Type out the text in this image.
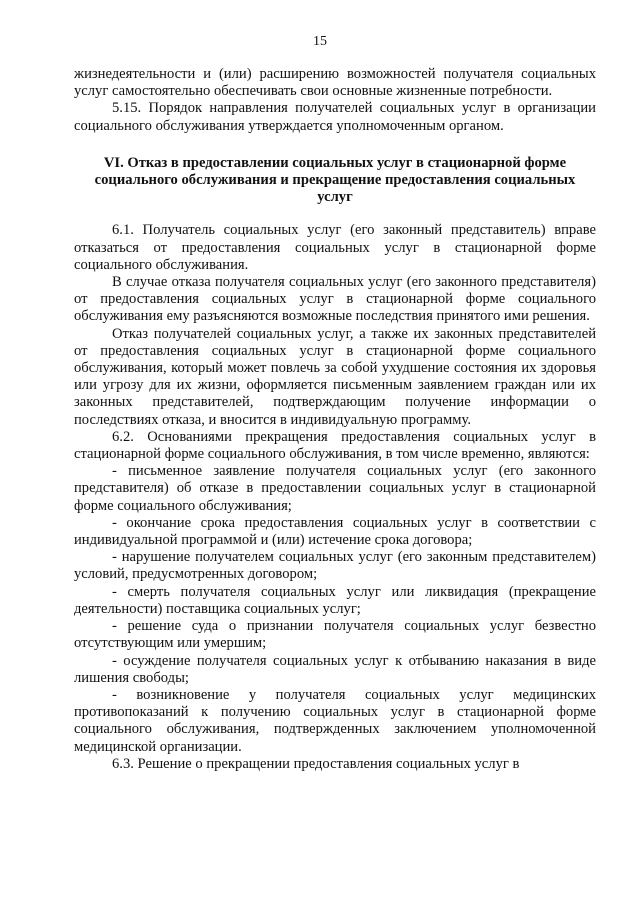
15

жизнедеятельности и (или) расширению возможностей получателя социальных услуг самостоятельно обеспечивать свои основные жизненные потребности.

5.15. Порядок направления получателей социальных услуг в организации социального обслуживания утверждается уполномоченным органом.

VI. Отказ в предоставлении социальных услуг в стационарной форме социального обслуживания и прекращение предоставления социальных услуг

6.1. Получатель социальных услуг (его законный представитель) вправе отказаться от предоставления социальных услуг в стационарной форме социального обслуживания.

В случае отказа получателя социальных услуг (его законного представителя) от предоставления социальных услуг в стационарной форме социального обслуживания ему разъясняются возможные последствия принятого ими решения.

Отказ получателей социальных услуг, а также их законных представителей от предоставления социальных услуг в стационарной форме социального обслуживания, который может повлечь за собой ухудшение состояния их здоровья или угрозу для их жизни, оформляется письменным заявлением граждан или их законных представителей, подтверждающим получение информации о последствиях отказа, и вносится в индивидуальную программу.

6.2. Основаниями прекращения предоставления социальных услуг в стационарной форме социального обслуживания, в том числе временно, являются:

- письменное заявление получателя социальных услуг (его законного представителя) об отказе в предоставлении социальных услуг в стационарной форме социального обслуживания;

- окончание срока предоставления социальных услуг в соответствии с индивидуальной программой и (или) истечение срока договора;

- нарушение получателем социальных услуг (его законным представителем) условий, предусмотренных договором;

- смерть получателя социальных услуг или ликвидация (прекращение деятельности) поставщика социальных услуг;

- решение суда о признании получателя социальных услуг безвестно отсутствующим или умершим;

- осуждение получателя социальных услуг к отбыванию наказания в виде лишения свободы;

- возникновение у получателя социальных услуг медицинских противопоказаний к получению социальных услуг в стационарной форме социального обслуживания, подтвержденных заключением уполномоченной медицинской организации.

6.3. Решение о прекращении предоставления социальных услуг в
